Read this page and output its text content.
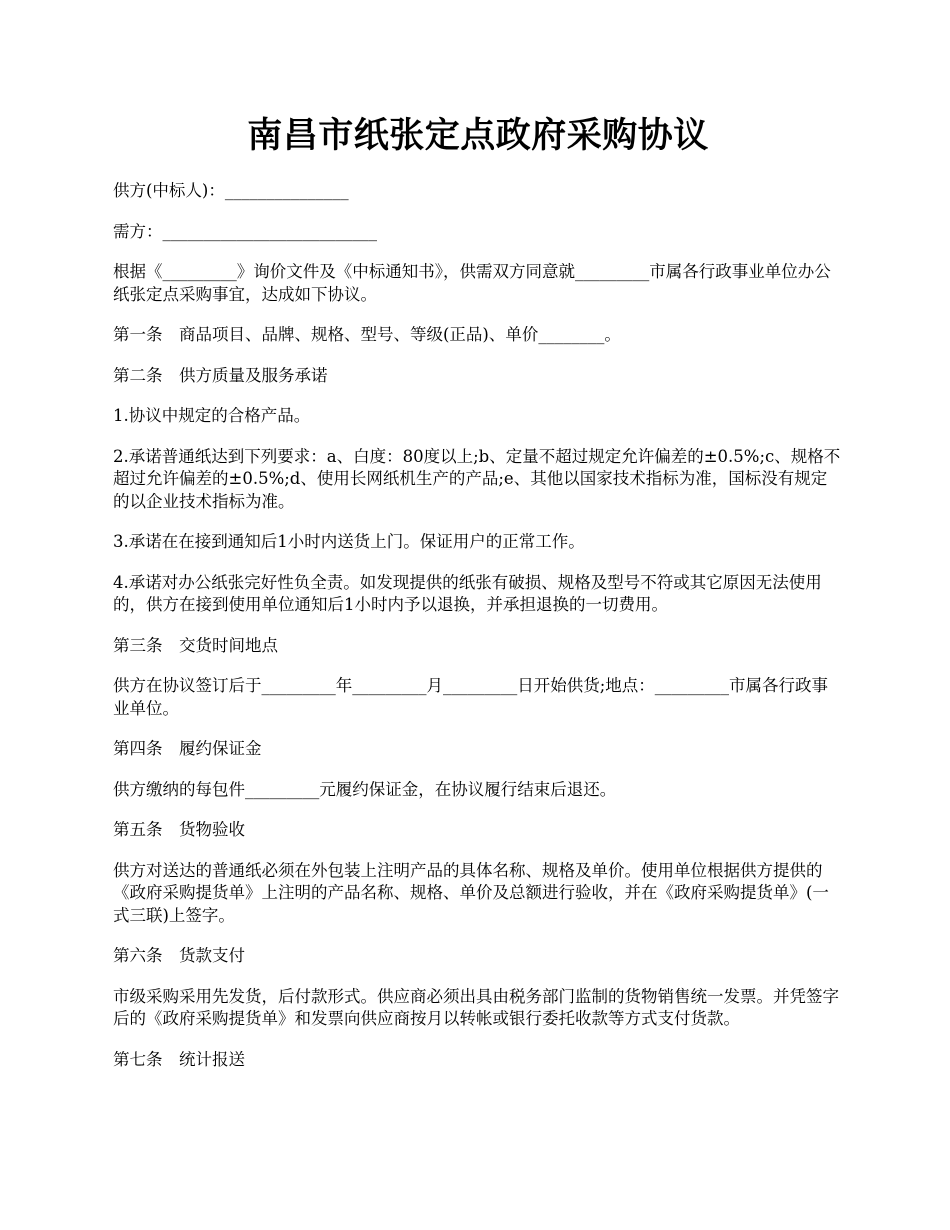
南昌市纸张定点政府采购协议
供方(中标人)：_______________
需方：__________________________
根据《_________》询价文件及《中标通知书》，供需双方同意就_________市属各行政事业单位办公纸张定点采购事宜，达成如下协议。
第一条　商品项目、品牌、规格、型号、等级(正品)、单价________。
第二条　供方质量及服务承诺
1.协议中规定的合格产品。
2.承诺普通纸达到下列要求：a、白度：80度以上;b、定量不超过规定允许偏差的±0.5%;c、规格不超过允许偏差的±0.5%;d、使用长网纸机生产的产品;e、其他以国家技术指标为准，国标没有规定的以企业技术指标为准。
3.承诺在在接到通知后1小时内送货上门。保证用户的正常工作。
4.承诺对办公纸张完好性负全责。如发现提供的纸张有破损、规格及型号不符或其它原因无法使用的，供方在接到使用单位通知后1小时内予以退换，并承担退换的一切费用。
第三条　交货时间地点
供方在协议签订后于_________年_________月_________日开始供货;地点：_________市属各行政事业单位。
第四条　履约保证金
供方缴纳的每包件_________元履约保证金，在协议履行结束后退还。
第五条　货物验收
供方对送达的普通纸必须在外包装上注明产品的具体名称、规格及单价。使用单位根据供方提供的《政府采购提货单》上注明的产品名称、规格、单价及总额进行验收，并在《政府采购提货单》(一式三联)上签字。
第六条　货款支付
市级采购采用先发货，后付款形式。供应商必须出具由税务部门监制的货物销售统一发票。并凭签字后的《政府采购提货单》和发票向供应商按月以转帐或银行委托收款等方式支付货款。
第七条　统计报送
